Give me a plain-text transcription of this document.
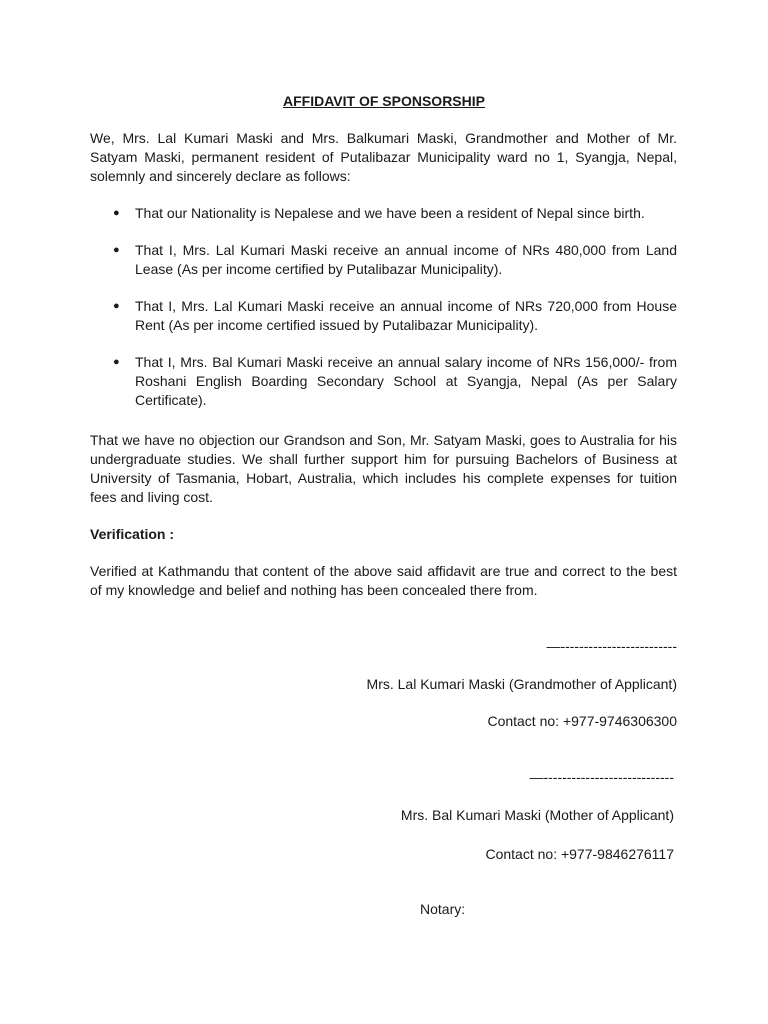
AFFIDAVIT OF SPONSORSHIP

We, Mrs. Lal Kumari Maski and Mrs. Balkumari Maski, Grandmother and Mother of Mr. Satyam Maski, permanent resident of Putalibazar Municipality ward no 1, Syangja, Nepal, solemnly and sincerely declare as follows:

● That our Nationality is Nepalese and we have been a resident of Nepal since birth.
● That I, Mrs. Lal Kumari Maski receive an annual income of NRs 480,000 from Land Lease (As per income certified by Putalibazar Municipality).
● That I, Mrs. Lal Kumari Maski receive an annual income of NRs 720,000 from House Rent (As per income certified issued by Putalibazar Municipality).
● That I, Mrs. Bal Kumari Maski receive an annual salary income of NRs 156,000/- from Roshani English Boarding Secondary School at Syangja, Nepal (As per Salary Certificate).

That we have no objection our Grandson and Son, Mr. Satyam Maski, goes to Australia for his undergraduate studies. We shall further support him for pursuing Bachelors of Business at University of Tasmania, Hobart, Australia, which includes his complete expenses for tuition fees and living cost.

Verification :

Verified at Kathmandu that content of the above said affidavit are true and correct to the best of my knowledge and belief and nothing has been concealed there from.

—-------------------------
Mrs. Lal Kumari Maski (Grandmother of Applicant)
Contact no: +977-9746306300
—----------------------------
Mrs. Bal Kumari Maski (Mother of Applicant)
Contact no: +977-9846276117
Notary:
